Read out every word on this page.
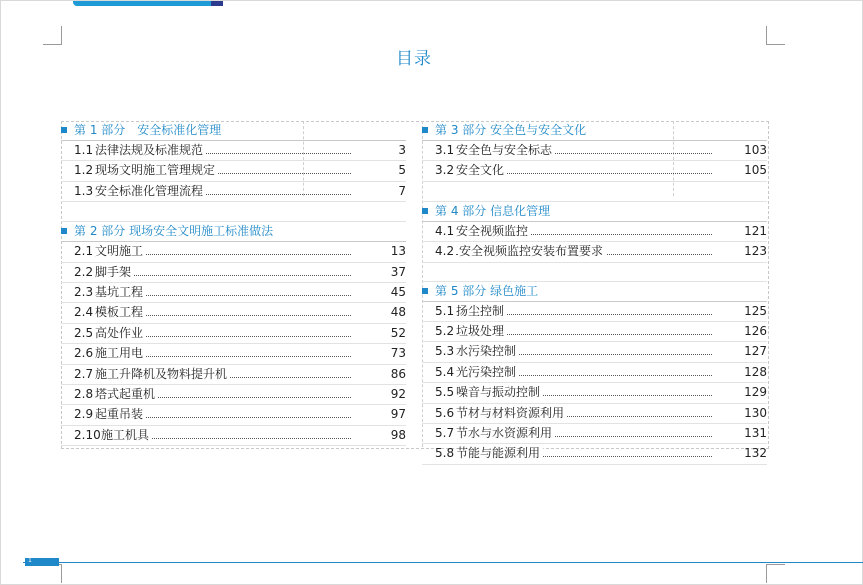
目录
第 1 部分　安全标准化管理
1.1 法律法规及标准规范	3
1.2 现场文明施工管理规定	5
1.3 安全标准化管理流程	7
第 2 部分 现场安全文明施工标准做法
2.1 文明施工	13
2.2 脚手架	37
2.3 基坑工程	45
2.4 模板工程	48
2.5 高处作业	52
2.6 施工用电	73
2.7 施工升降机及物料提升机	86
2.8 塔式起重机	92
2.9 起重吊装	97
2.10 施工机具	98
第 3 部分 安全色与安全文化
3.1 安全色与安全标志	103
3.2 安全文化	105
第 4 部分 信息化管理
4.1 安全视频监控	121
4.2 安全视频监控安装布置要求	123
第 5 部分 绿色施工
5.1 扬尘控制	125
5.2 垃圾处理	126
5.3 水污染控制	127
5.4 光污染控制	128
5.5 噪音与振动控制	129
5.6 节材与材料资源利用	130
5.7 节水与水资源利用	131
5.8 节能与能源利用	132
1
